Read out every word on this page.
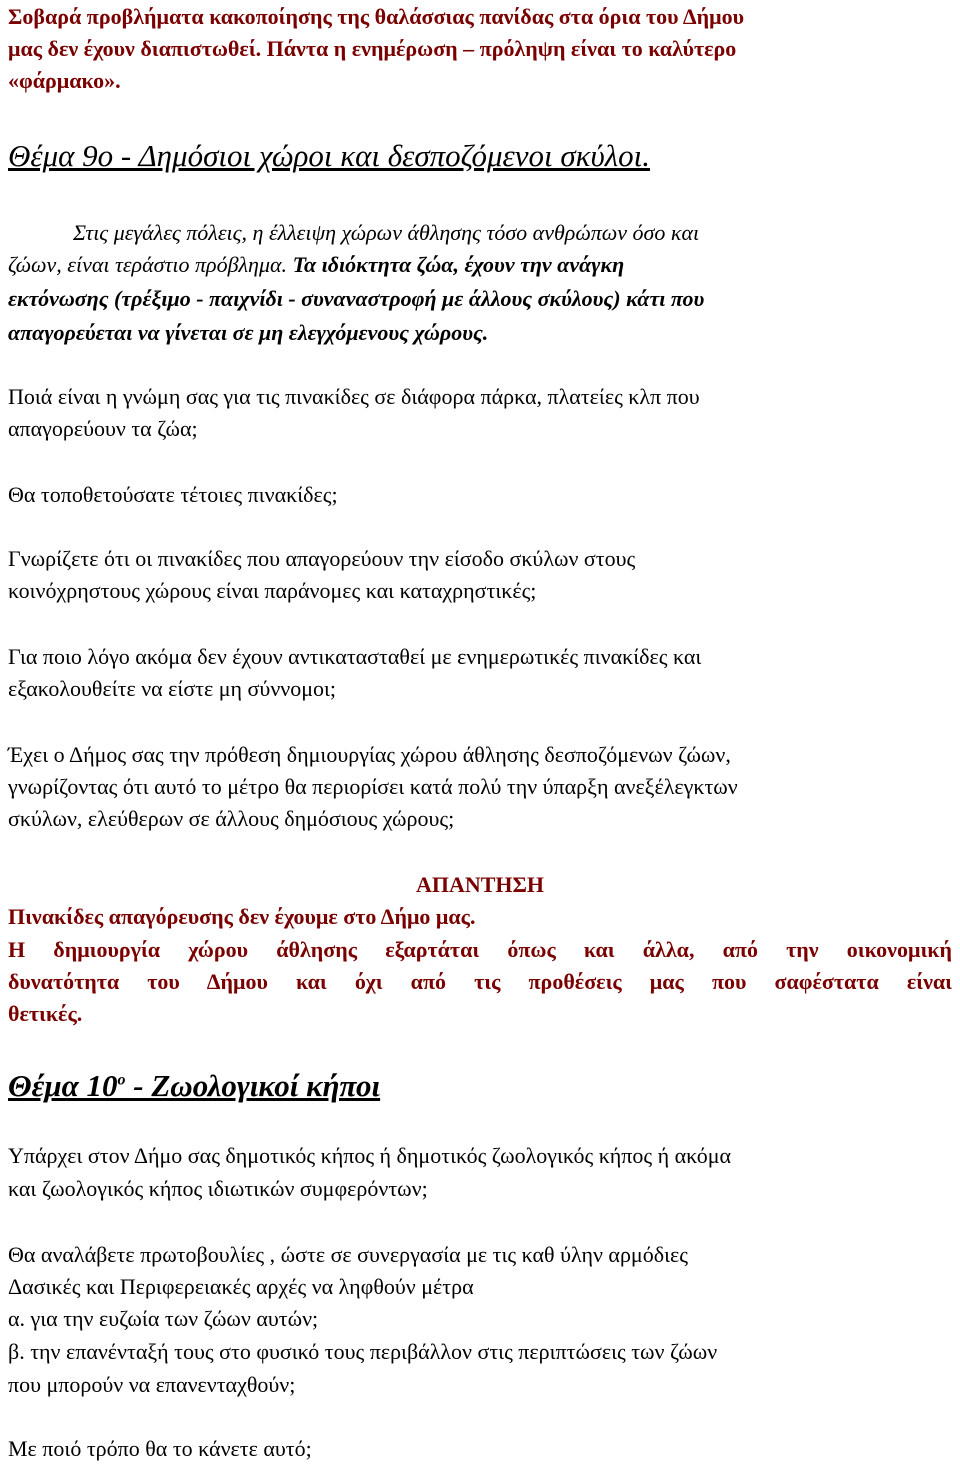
Σοβαρά προβλήματα κακοποίησης της θαλάσσιας πανίδας στα όρια του Δήμου

μας δεν έχουν διαπιστωθεί. Πάντα η ενημέρωση – πρόληψη είναι το καλύτερο

«φάρμακο».

Θέμα 9ο - Δημόσιοι χώροι και δεσποζόμενοι σκύλοι.

Στις μεγάλες πόλεις, η έλλειψη χώρων άθλησης τόσο ανθρώπων όσο και

ζώων, είναι τεράστιο πρόβλημα. Τα ιδιόκτητα ζώα, έχουν την ανάγκη

εκτόνωσης (τρέξιμο - παιχνίδι - συναναστροφή με άλλους σκύλους) κάτι που

απαγορεύεται να γίνεται σε μη ελεγχόμενους χώρους.

Ποιά είναι η γνώμη σας για τις πινακίδες σε διάφορα πάρκα, πλατείες κλπ που

απαγορεύουν τα ζώα;

Θα τοποθετούσατε τέτοιες πινακίδες;

Γνωρίζετε ότι οι πινακίδες που απαγορεύουν την είσοδο σκύλων στους

κοινόχρηστους χώρους είναι παράνομες και καταχρηστικές;

Για ποιο λόγο ακόμα δεν έχουν αντικατασταθεί με ενημερωτικές πινακίδες και

εξακολουθείτε να είστε μη σύννομοι;

Έχει ο Δήμος σας την πρόθεση δημιουργίας χώρου άθλησης δεσποζόμενων ζώων,

γνωρίζοντας ότι αυτό το μέτρο θα περιορίσει κατά πολύ την ύπαρξη ανεξέλεγκτων

σκύλων, ελεύθερων σε άλλους δημόσιους χώρους;

ΑΠΑΝΤΗΣΗ

Πινακίδες απαγόρευσης δεν έχουμε στο Δήμο μας.

Η δημιουργία χώρου άθλησης εξαρτάται όπως και άλλα, από την οικονομική

δυνατότητα του Δήμου και όχι από τις προθέσεις μας που σαφέστατα είναι

θετικές.

Θέμα $10^o$ - Ζωολογικοί κήποι

Υπάρχει στον Δήμο σας δημοτικός κήπος ή δημοτικός ζωολογικός κήπος ή ακόμα

και ζωολογικός κήπος ιδιωτικών συμφερόντων;

Θα αναλάβετε πρωτοβουλίες , ώστε σε συνεργασία με τις καθ ύλην αρμόδιες

Δασικές και Περιφερειακές αρχές να ληφθούν μέτρα

α. για την ευζωία των ζώων αυτών;

β. την επανένταξή τους στο φυσικό τους περιβάλλον στις περιπτώσεις των ζώων

που μπορούν να επανενταχθούν;

Με ποιό τρόπο θα το κάνετε αυτό;
